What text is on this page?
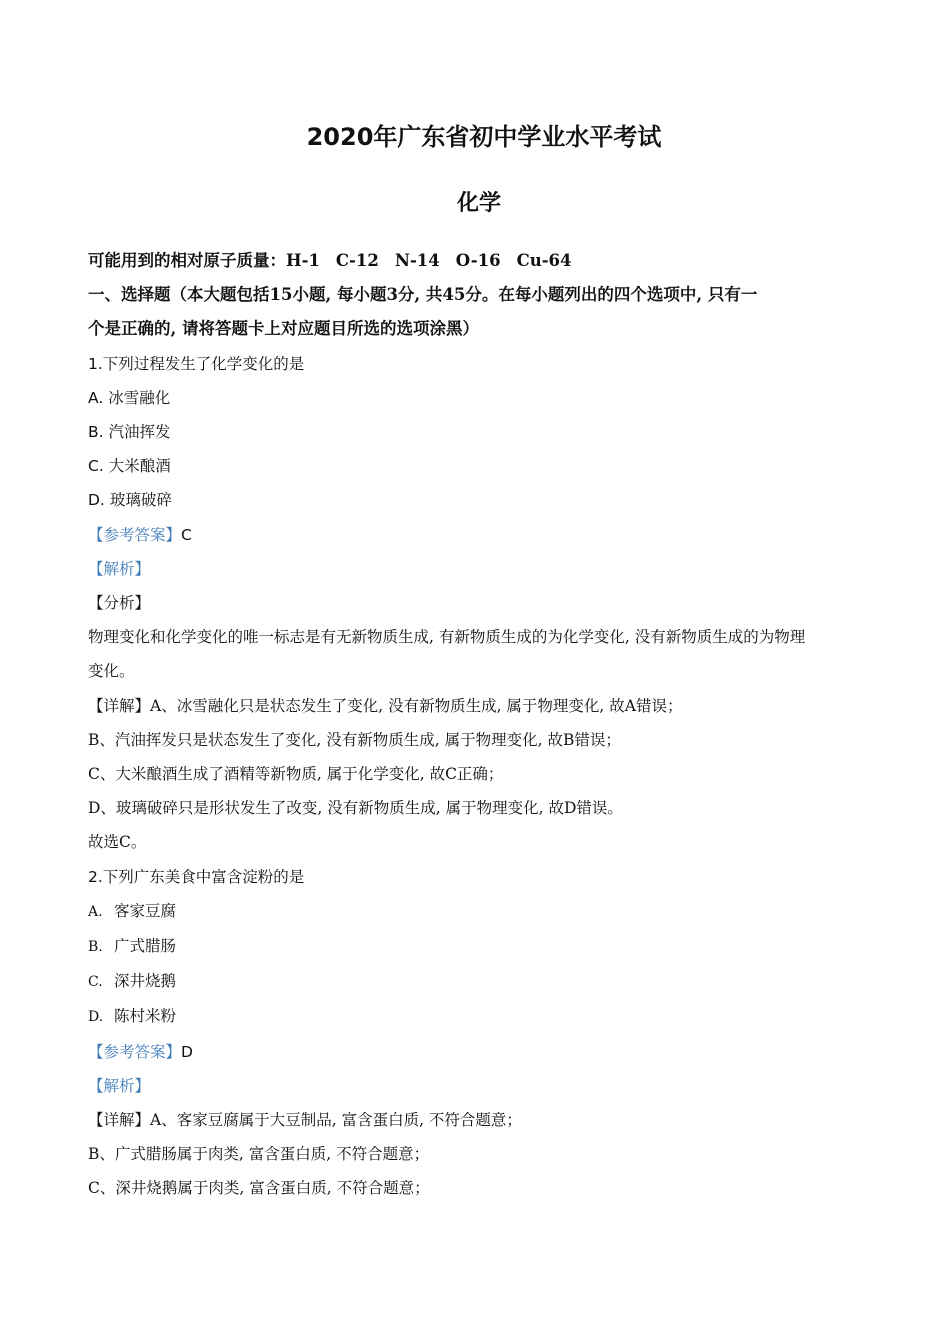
2020年广东省初中学业水平考试
化学
可能用到的相对原子质量：H-1 C-12 N-14 O-16 Cu-64
一、选择题（本大题包括15小题, 每小题3分, 共45分。在每小题列出的四个选项中, 只有一
个是正确的, 请将答题卡上对应题目所选的选项涂黑）
1.下列过程发生了化学变化的是
A. 冰雪融化
B. 汽油挥发
C. 大米酿酒
D. 玻璃破碎
【参考答案】C
【解析】
【分析】
物理变化和化学变化的唯一标志是有无新物质生成, 有新物质生成的为化学变化, 没有新物质生成的为物理
变化。
【详解】A、冰雪融化只是状态发生了变化, 没有新物质生成, 属于物理变化, 故A错误；
B、汽油挥发只是状态发生了变化, 没有新物质生成, 属于物理变化, 故B错误；
C、大米酿酒生成了酒精等新物质, 属于化学变化, 故C正确；
D、玻璃破碎只是形状发生了改变, 没有新物质生成, 属于物理变化, 故D错误。
故选C。
2.下列广东美食中富含淀粉的是
A. 客家豆腐
B. 广式腊肠
C. 深井烧鹅
D. 陈村米粉
【参考答案】D
【解析】
【详解】A、客家豆腐属于大豆制品, 富含蛋白质, 不符合题意；
B、广式腊肠属于肉类, 富含蛋白质, 不符合题意；
C、深井烧鹅属于肉类, 富含蛋白质, 不符合题意；
